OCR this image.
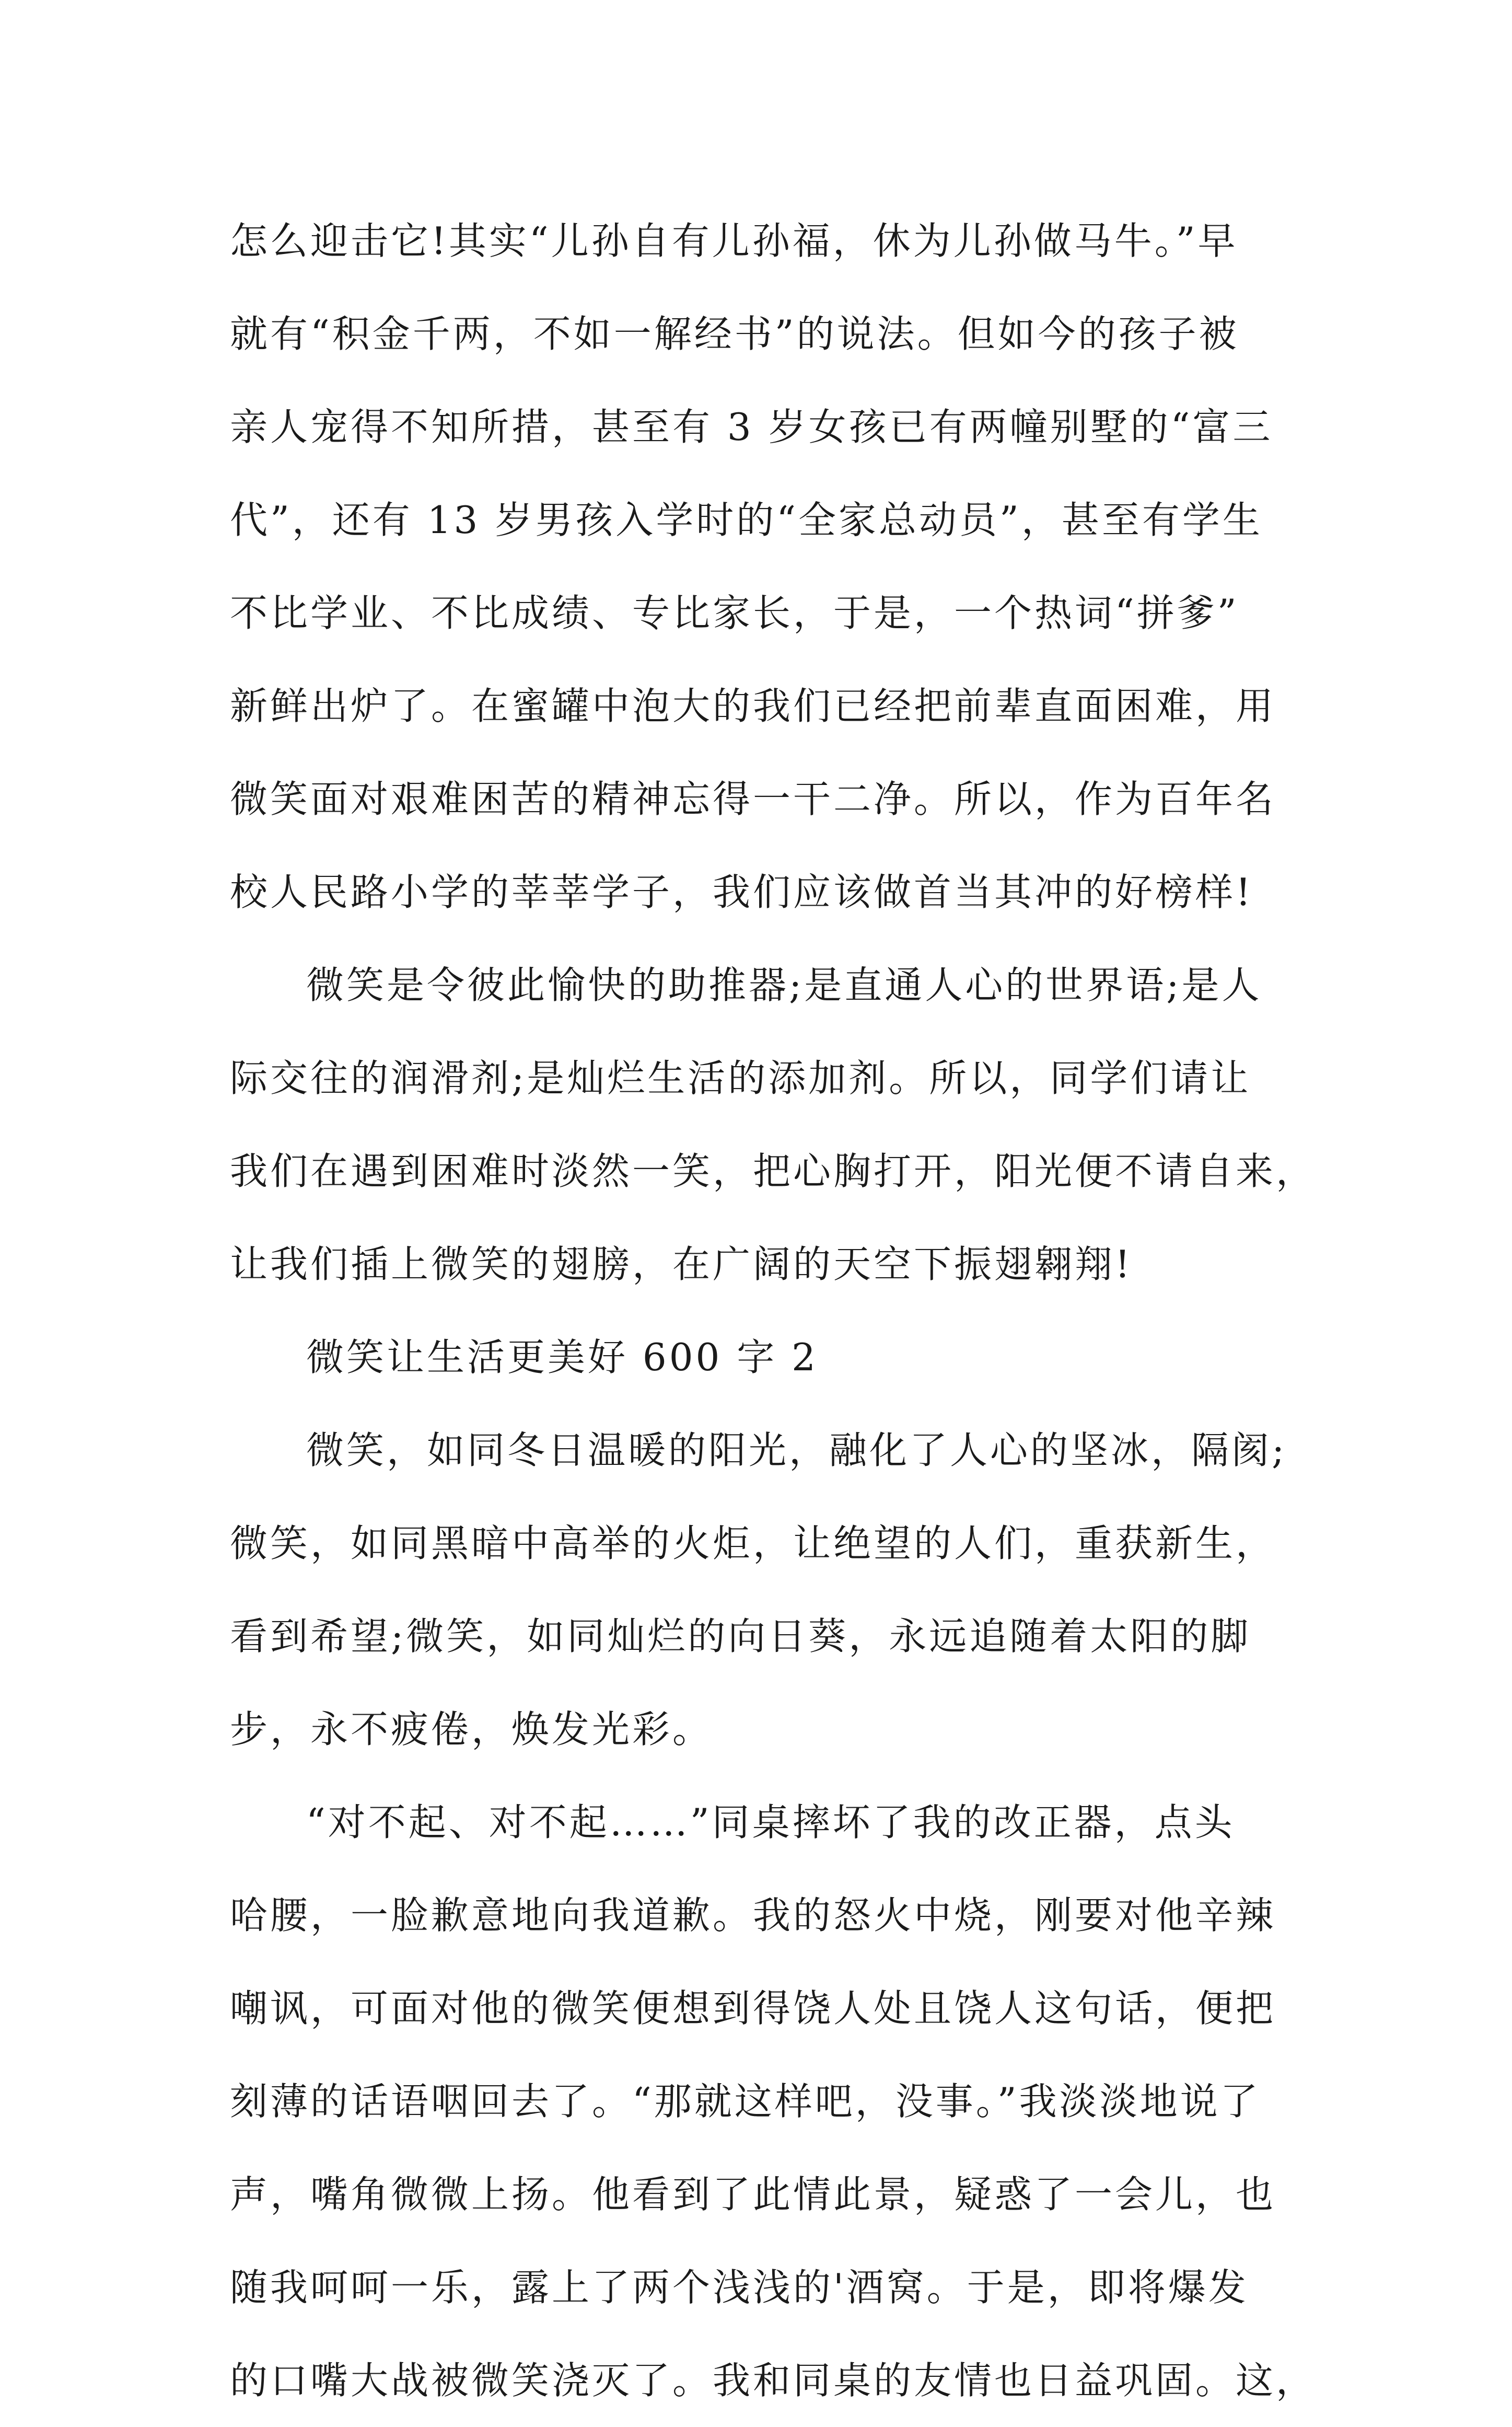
怎么迎击它!其实“儿孙自有儿孙福，休为儿孙做马牛。”早
就有“积金千两，不如一解经书”的说法。但如今的孩子被
亲人宠得不知所措，甚至有 3 岁女孩已有两幢别墅的“富三
代”，还有 13 岁男孩入学时的“全家总动员”，甚至有学生
不比学业、不比成绩、专比家长，于是，一个热词“拼爹”
新鲜出炉了。在蜜罐中泡大的我们已经把前辈直面困难，用
微笑面对艰难困苦的精神忘得一干二净。所以，作为百年名
校人民路小学的莘莘学子，我们应该做首当其冲的好榜样!
微笑是令彼此愉快的助推器;是直通人心的世界语;是人
际交往的润滑剂;是灿烂生活的添加剂。所以，同学们请让
我们在遇到困难时淡然一笑，把心胸打开，阳光便不请自来，
让我们插上微笑的翅膀，在广阔的天空下振翅翱翔!
微笑让生活更美好 600 字 2
微笑，如同冬日温暖的阳光，融化了人心的坚冰，隔阂;
微笑，如同黑暗中高举的火炬，让绝望的人们，重获新生，
看到希望;微笑，如同灿烂的向日葵，永远追随着太阳的脚
步，永不疲倦，焕发光彩。
“对不起、对不起……”同桌摔坏了我的改正器，点头
哈腰，一脸歉意地向我道歉。我的怒火中烧，刚要对他辛辣
嘲讽，可面对他的微笑便想到得饶人处且饶人这句话，便把
刻薄的话语咽回去了。“那就这样吧，没事。”我淡淡地说了
声，嘴角微微上扬。他看到了此情此景，疑惑了一会儿，也
随我呵呵一乐，露上了两个浅浅的'酒窝。于是，即将爆发
的口嘴大战被微笑浇灭了。我和同桌的友情也日益巩固。这，
